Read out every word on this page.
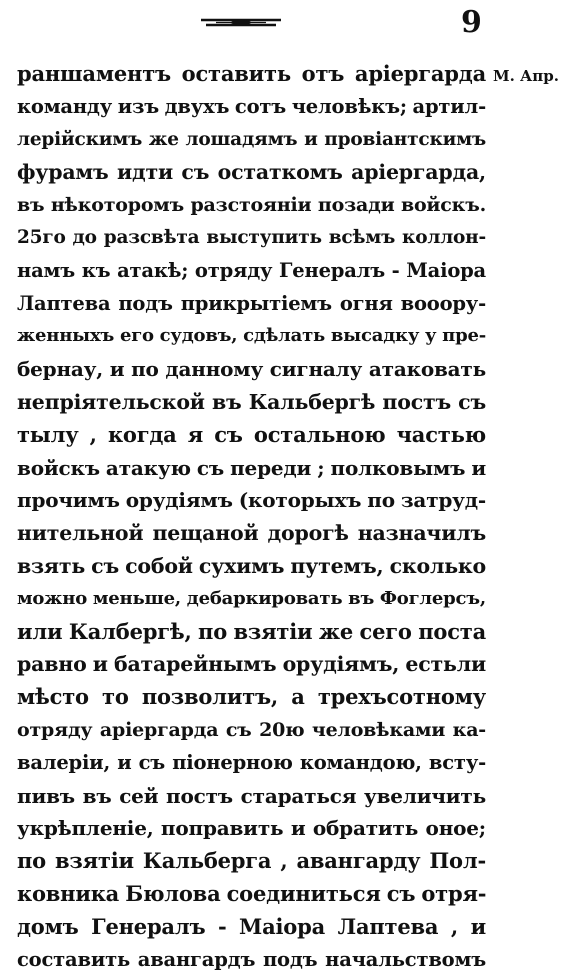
9
М. Апр.
раншаментъ оставить отъ аріергарда
команду изъ двухъ сотъ человѣкъ; артил-
лерійскимъ же лошадямъ и провіантскимъ
фурамъ идти съ остаткомъ аріергарда,
въ нѣкоторомъ разстояніи позади войскъ.
25го до разсвѣта выступить всѣмъ коллон-
намъ къ атакѣ; отряду Генералъ - Маіора
Лаптева подъ прикрытіемъ огня вооору-
женныхъ его судовъ, сдѣлать высадку у пре-
бернау, и по данному сигналу атаковать
непріятельской въ Кальбергѣ постъ съ
тылу , когда я съ остальною частью
войскъ атакую съ переди ; полковымъ и
прочимъ орудіямъ (которыхъ по затруд-
нительной пещаной дорогѣ назначилъ
взять съ собой сухимъ путемъ, сколько
можно меньше, дебаркировать въ Фоглерсъ,
или Калбергѣ, по взятіи же сего поста
равно и батарейнымъ орудіямъ, естьли
мѣсто то позволитъ, а трехъсотному
отряду аріергарда съ 20ю человѣками ка-
валеріи, и съ піонерною командою, всту-
пивъ въ сей постъ стараться увеличить
укрѣпленіе, поправить и обратить оное;
по взятіи Кальберга , авангарду Пол-
ковника Бюлова соединиться съ отря-
домъ Генералъ - Маіора Лаптева , и
составить авангардъ подъ начальствомъ
